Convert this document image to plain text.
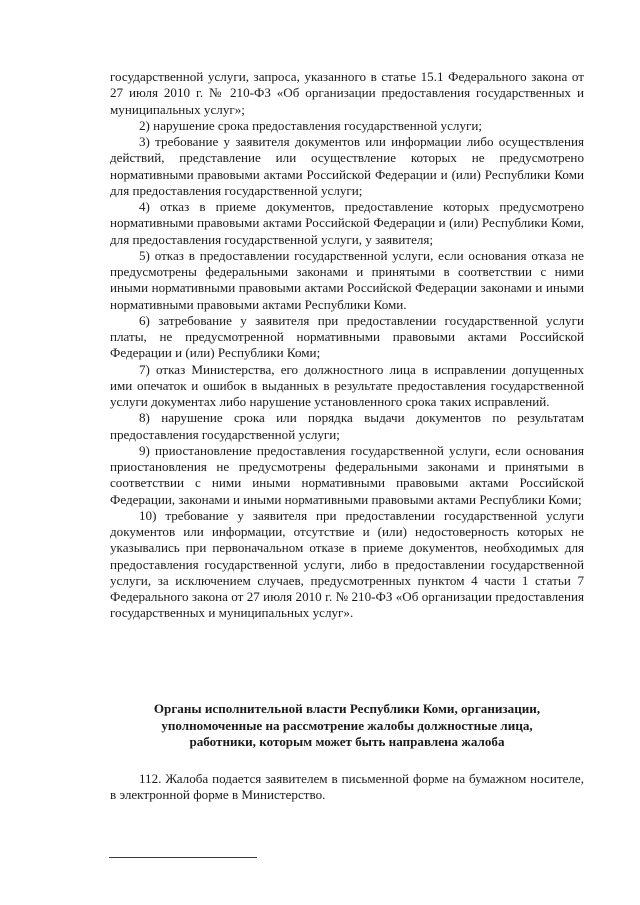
государственной услуги, запроса, указанного в статье 15.1 Федерального закона от 27 июля 2010 г. № 210-ФЗ «Об организации предоставления государственных и муниципальных услуг»;

2) нарушение срока предоставления государственной услуги;

3) требование у заявителя документов или информации либо осуществления действий, представление или осуществление которых не предусмотрено нормативными правовыми актами Российской Федерации и (или) Республики Коми для предоставления государственной услуги;

4) отказ в приеме документов, предоставление которых предусмотрено нормативными правовыми актами Российской Федерации и (или) Республики Коми, для предоставления государственной услуги, у заявителя;

5) отказ в предоставлении государственной услуги, если основания отказа не предусмотрены федеральными законами и принятыми в соответствии с ними иными нормативными правовыми актами Российской Федерации законами и иными нормативными правовыми актами Республики Коми.

6) затребование у заявителя при предоставлении государственной услуги платы, не предусмотренной нормативными правовыми актами Российской Федерации и (или) Республики Коми;

7) отказ Министерства, его должностного лица в исправлении допущенных ими опечаток и ошибок в выданных в результате предоставления государственной услуги документах либо нарушение установленного срока таких исправлений.

8) нарушение срока или порядка выдачи документов по результатам предоставления государственной услуги;

9) приостановление предоставления государственной услуги, если основания приостановления не предусмотрены федеральными законами и принятыми в соответствии с ними иными нормативными правовыми актами Российской Федерации, законами и иными нормативными правовыми актами Республики Коми;

10) требование у заявителя при предоставлении государственной услуги документов или информации, отсутствие и (или) недостоверность которых не указывались при первоначальном отказе в приеме документов, необходимых для предоставления государственной услуги, либо в предоставлении государственной услуги, за исключением случаев, предусмотренных пунктом 4 части 1 статьи 7 Федерального закона от 27 июля 2010 г. № 210-ФЗ «Об организации предоставления государственных и муниципальных услуг».

Органы исполнительной власти Республики Коми, организации,
уполномоченные на рассмотрение жалобы должностные лица,
работники, которым может быть направлена жалоба

112. Жалоба подается заявителем в письменной форме на бумажном носителе, в электронной форме в Министерство.
